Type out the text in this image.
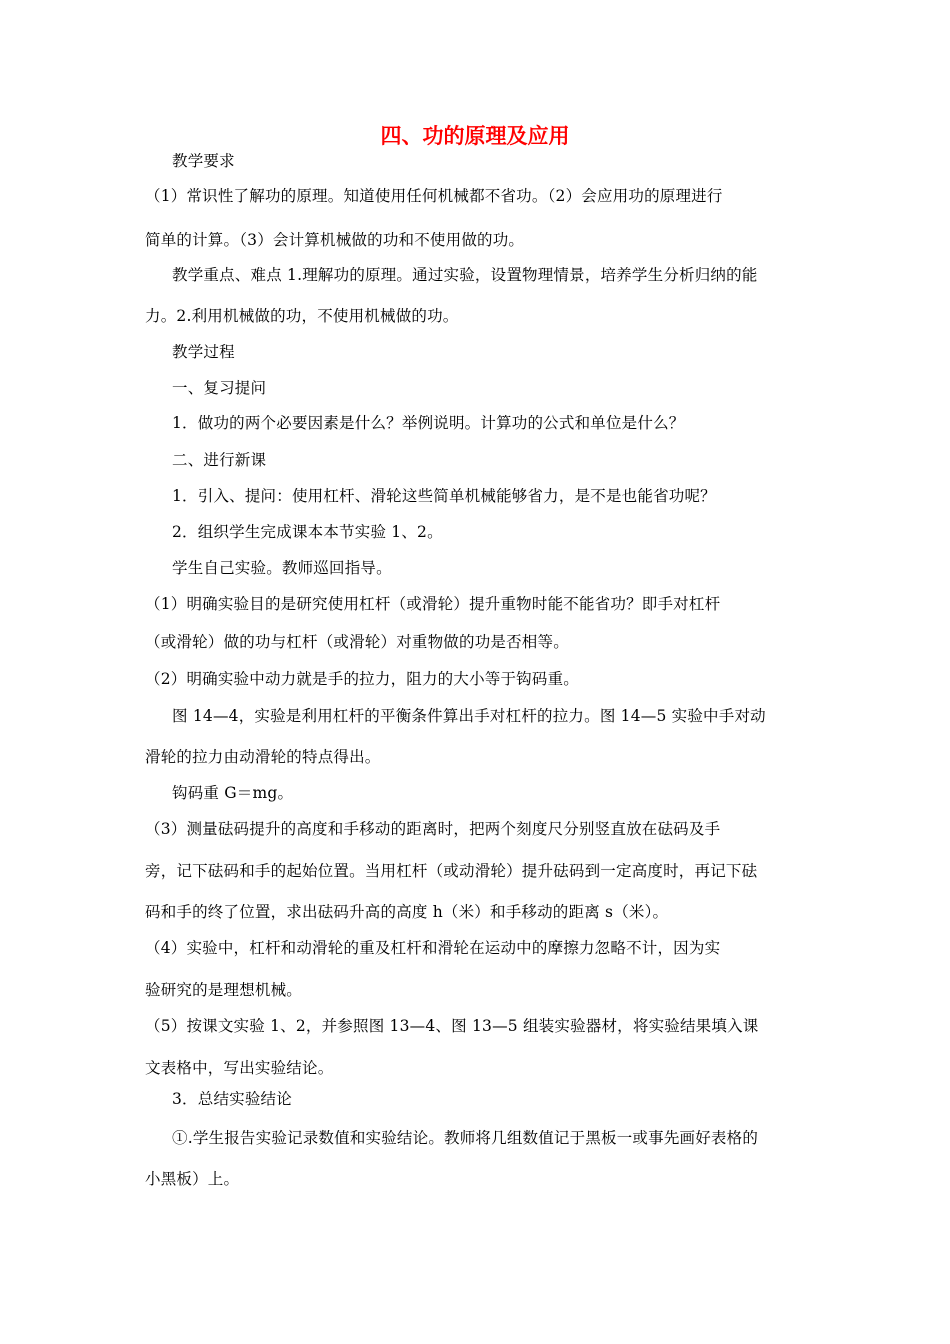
四、功的原理及应用
教学要求
（1）常识性了解功的原理。知道使用任何机械都不省功。（2）会应用功的原理进行
简单的计算。（3）会计算机械做的功和不使用做的功。
教学重点、难点 1.理解功的原理。通过实验，设置物理情景，培养学生分析归纳的能
力。2.利用机械做的功，不使用机械做的功。
教学过程
一、复习提问
1．做功的两个必要因素是什么？举例说明。计算功的公式和单位是什么？
二、进行新课
1．引入、提问：使用杠杆、滑轮这些简单机械能够省力，是不是也能省功呢？
2．组织学生完成课本本节实验 1、2。
学生自己实验。教师巡回指导。
（1）明确实验目的是研究使用杠杆（或滑轮）提升重物时能不能省功？即手对杠杆
（或滑轮）做的功与杠杆（或滑轮）对重物做的功是否相等。
（2）明确实验中动力就是手的拉力，阻力的大小等于钩码重。
图 14—4，实验是利用杠杆的平衡条件算出手对杠杆的拉力。图 14—5 实验中手对动
滑轮的拉力由动滑轮的特点得出。
钩码重 G＝mg。
（3）测量砝码提升的高度和手移动的距离时，把两个刻度尺分别竖直放在砝码及手
旁，记下砝码和手的起始位置。当用杠杆（或动滑轮）提升砝码到一定高度时，再记下砝
码和手的终了位置，求出砝码升高的高度 h（米）和手移动的距离 s（米）。
（4）实验中，杠杆和动滑轮的重及杠杆和滑轮在运动中的摩擦力忽略不计，因为实
验研究的是理想机械。
（5）按课文实验 1、2，并参照图 13—4、图 13—5 组装实验器材，将实验结果填入课
文表格中，写出实验结论。
3．总结实验结论
①.学生报告实验记录数值和实验结论。教师将几组数值记于黑板一或事先画好表格的
小黑板）上。
